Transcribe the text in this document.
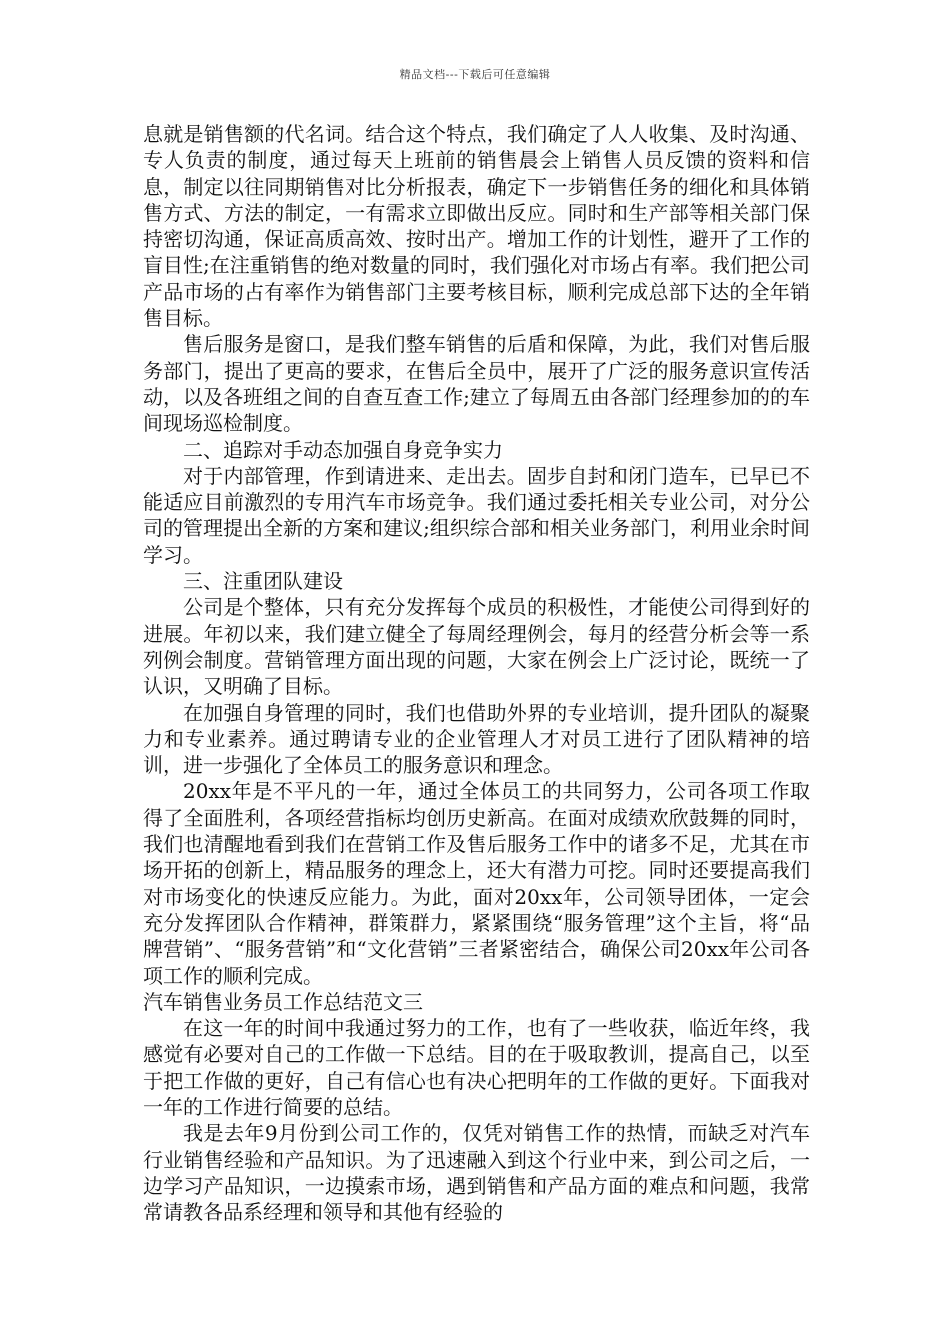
精品文档---下载后可任意编辑

息就是销售额的代名词。结合这个特点，我们确定了人人收集、及时沟通、专人负责的制度，通过每天上班前的销售晨会上销售人员反馈的资料和信息，制定以往同期销售对比分析报表，确定下一步销售任务的细化和具体销售方式、方法的制定，一有需求立即做出反应。同时和生产部等相关部门保持密切沟通，保证高质高效、按时出产。增加工作的计划性，避开了工作的盲目性;在注重销售的绝对数量的同时，我们强化对市场占有率。我们把公司产品市场的占有率作为销售部门主要考核目标，顺利完成总部下达的全年销售目标。

售后服务是窗口，是我们整车销售的后盾和保障，为此，我们对售后服务部门，提出了更高的要求，在售后全员中，展开了广泛的服务意识宣传活动，以及各班组之间的自查互查工作;建立了每周五由各部门经理参加的的车间现场巡检制度。

二、追踪对手动态加强自身竞争实力

对于内部管理，作到请进来、走出去。固步自封和闭门造车，已早已不能适应目前激烈的专用汽车市场竞争。我们通过委托相关专业公司，对分公司的管理提出全新的方案和建议;组织综合部和相关业务部门，利用业余时间学习。

三、注重团队建设

公司是个整体，只有充分发挥每个成员的积极性，才能使公司得到好的进展。年初以来，我们建立健全了每周经理例会，每月的经营分析会等一系列例会制度。营销管理方面出现的问题，大家在例会上广泛讨论，既统一了认识，又明确了目标。

在加强自身管理的同时，我们也借助外界的专业培训，提升团队的凝聚力和专业素养。通过聘请专业的企业管理人才对员工进行了团队精神的培训，进一步强化了全体员工的服务意识和理念。

20xx年是不平凡的一年，通过全体员工的共同努力，公司各项工作取得了全面胜利，各项经营指标均创历史新高。在面对成绩欢欣鼓舞的同时，我们也清醒地看到我们在营销工作及售后服务工作中的诸多不足，尤其在市场开拓的创新上，精品服务的理念上，还大有潜力可挖。同时还要提高我们对市场变化的快速反应能力。为此，面对20xx年，公司领导团体，一定会充分发挥团队合作精神，群策群力，紧紧围绕“服务管理”这个主旨，将“品牌营销”、“服务营销”和“文化营销”三者紧密结合，确保公司20xx年公司各项工作的顺利完成。

汽车销售业务员工作总结范文三

在这一年的时间中我通过努力的工作，也有了一些收获，临近年终，我感觉有必要对自己的工作做一下总结。目的在于吸取教训，提高自己，以至于把工作做的更好，自己有信心也有决心把明年的工作做的更好。下面我对一年的工作进行简要的总结。

我是去年9月份到公司工作的，仅凭对销售工作的热情，而缺乏对汽车行业销售经验和产品知识。为了迅速融入到这个行业中来，到公司之后，一边学习产品知识，一边摸索市场，遇到销售和产品方面的难点和问题，我常常请教各品系经理和领导和其他有经验的
